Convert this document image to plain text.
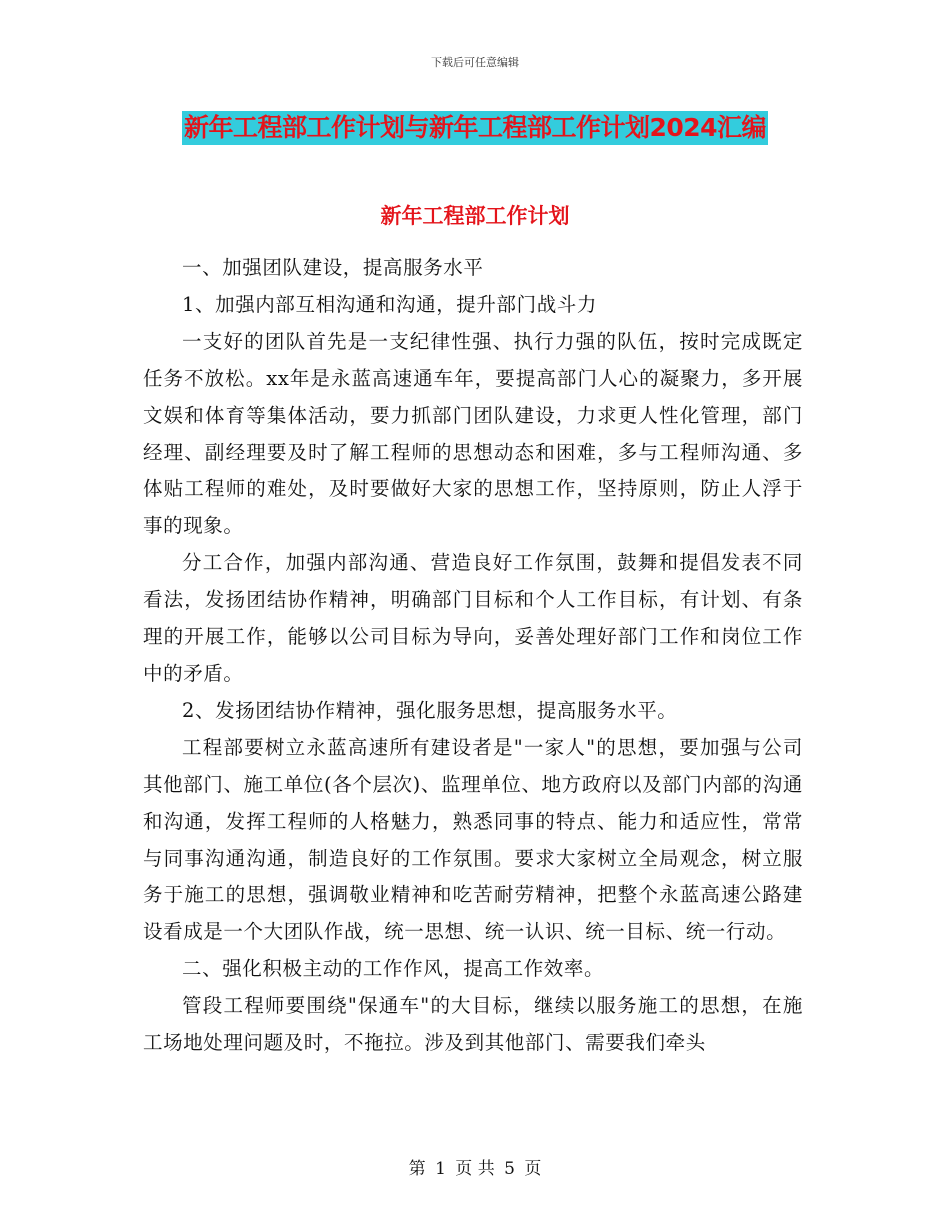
下载后可任意编辑
新年工程部工作计划与新年工程部工作计划2024汇编
新年工程部工作计划

一、加强团队建设，提高服务水平

1、加强内部互相沟通和沟通，提升部门战斗力

一支好的团队首先是一支纪律性强、执行力强的队伍，按时完成既定任务不放松。xx年是永蓝高速通车年，要提高部门人心的凝聚力，多开展文娱和体育等集体活动，要力抓部门团队建设，力求更人性化管理，部门经理、副经理要及时了解工程师的思想动态和困难，多与工程师沟通、多体贴工程师的难处，及时要做好大家的思想工作，坚持原则，防止人浮于事的现象。

分工合作，加强内部沟通、营造良好工作氛围，鼓舞和提倡发表不同看法，发扬团结协作精神，明确部门目标和个人工作目标，有计划、有条理的开展工作，能够以公司目标为导向，妥善处理好部门工作和岗位工作中的矛盾。

2、发扬团结协作精神，强化服务思想，提高服务水平。

工程部要树立永蓝高速所有建设者是"一家人"的思想，要加强与公司其他部门、施工单位(各个层次)、监理单位、地方政府以及部门内部的沟通和沟通，发挥工程师的人格魅力，熟悉同事的特点、能力和适应性，常常与同事沟通沟通，制造良好的工作氛围。要求大家树立全局观念，树立服务于施工的思想，强调敬业精神和吃苦耐劳精神，把整个永蓝高速公路建设看成是一个大团队作战，统一思想、统一认识、统一目标、统一行动。

二、强化积极主动的工作作风，提高工作效率。

管段工程师要围绕"保通车"的大目标，继续以服务施工的思想，在施工场地处理问题及时，不拖拉。涉及到其他部门、需要我们牵头

第 1 页 共 5 页
